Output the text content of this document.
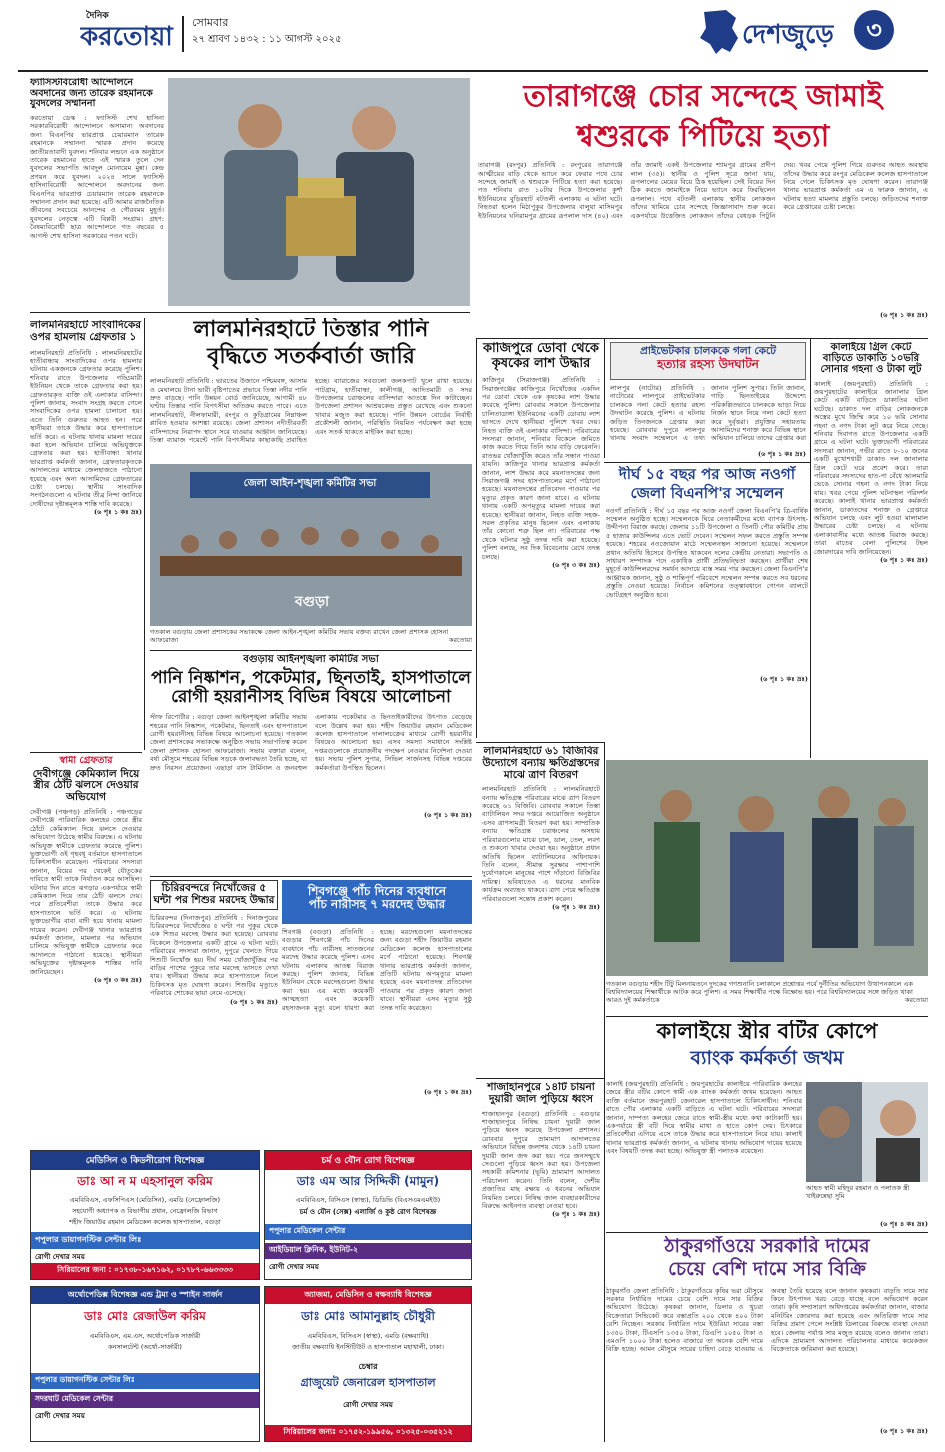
দৈনিক
করতোয়া	সোমবার
২৭ শ্রাবণ ১৪৩২ : ১১ আগস্ট ২০২৫	দেশজুড়ে	৩
ফ্যাসিস্টবিরোধী আন্দোলনে অবদানের জন্য তারেক রহমানকে যুবদলের সম্মাননা
করতোয়া ডেস্ক : ফ্যাসিস্ট শেখ হাসিনা সরকারবিরোধী আন্দোলনে অসামান্য অবদানের জন্য বিএনপির ভারপ্রাপ্ত চেয়ারম্যান তারেক রহমানকে সম্মাননা স্মারক প্রদান করেছে জাতীয়তাবাদী যুবদল। শনিবার লন্ডনে এক অনুষ্ঠানে তারেক রহমানের হাতে এই স্মারক তুলে দেন যুবদলের সভাপতি আবদুল মোনায়েম মুন্না। কেন্দ্র প্রণয়ন করে যুবদল। ২০২৪ সালে ফ্যাসিস্ট হাসিনাবিরোধী আন্দোলনে অবদানের জন্য বিএনপির ভারপ্রাপ্ত চেয়ারম্যান তারেক রহমানকে সম্মাননা প্রদান করা হয়েছে। এটি আমার রাজনৈতিক জীবনের সবচেয়ে আনন্দের ও গৌরবময় মুহূর্ত। যুবদলের নেতৃত্বে এটি বিপ্লবী সংগ্রাম। গ্রহণ: বৈষম্যবিরোধী ছাত্র আন্দোলনে গত বছরের ৫ আগস্ট শেখ হাসিনা সরকারের পতন ঘটে।
তারাগঞ্জে চোর সন্দেহে জামাই
শ্বশুরকে পিটিয়ে হত্যা
তারাগঞ্জ (রংপুর) প্রতিনিধি : রংপুরের তারাগঞ্জে আত্মীয়ের বাড়ি থেকে ভ্যানে করে ফেরার পথে চোর সন্দেহে জামাই ও শ্বশুরকে পিটিয়ে হত্যা করা হয়েছে। গত শনিবার রাত ১০টার দিকে উপজেলার কুর্শা ইউনিয়নের বুড়িরহাট বটতলী এলাকায় এ ঘটনা ঘটে। নিহতরা হলেন মিঠাপুকুর উপজেলার বালুয়া মাসিমপুর ইউনিয়নের ঘনিরামপুর গ্রামের রূপলাল দাস (৪০) এবং তাঁর জামাই একই উপজেলার শ্যামপুর গ্রামের প্রদীপ লাল (৩৫)। স্থানীয় ও পুলিশ সূত্রে জানা যায়, রূপলালের মেয়ের বিয়ে ঠিক হয়েছিল। সেই বিয়ের দিন ঠিক করতে জামাইকে নিয়ে ভ্যানে করে ফিরছিলেন রূপলাল। পথে বটতলী এলাকায় স্থানীয় লোকজন তাঁদের থামিয়ে চোর সন্দেহে জিজ্ঞাসাবাদ শুরু করে। একপর্যায়ে উত্তেজিত লোকজন তাঁদের বেধড়ক পিটুনি দেয়। খবর পেয়ে পুলিশ গিয়ে গুরুতর আহত অবস্থায় তাঁদের উদ্ধার করে রংপুর মেডিকেল কলেজ হাসপাতালে নিয়ে গেলে চিকিৎসক মৃত ঘোষণা করেন। তারাগঞ্জ থানার ভারপ্রাপ্ত কর্মকর্তা এম এ ফারুক জানান, এ ঘটনায় হত্যা মামলার প্রস্তুতি চলছে। জড়িতদের শনাক্ত করে গ্রেপ্তারের চেষ্টা চলছে।
(৬ পৃঃ ১ কঃ দ্রঃ)
লালমনিরহাটে সাংবাদিকের ওপর হামলায় গ্রেফতার ১
লালমনিরহাট প্রতিনিধি : লালমনিরহাটের হাতীবান্ধায় সাংবাদিকের ওপর হামলার ঘটনায় একজনকে গ্রেফতার করেছে পুলিশ। শনিবার রাতে উপজেলার গড্ডিমারী ইউনিয়ন থেকে তাকে গ্রেফতার করা হয়। গ্রেফতারকৃত ব্যক্তি ওই এলাকার বাসিন্দা। পুলিশ জানায়, সংবাদ সংগ্রহ করতে গেলে সাংবাদিকের ওপর হামলা চালানো হয়। এতে তিনি গুরুতর আহত হন। পরে স্থানীয়রা তাকে উদ্ধার করে হাসপাতালে ভর্তি করে। এ ঘটনায় থানায় মামলা দায়ের করা হলে অভিযান চালিয়ে অভিযুক্তকে গ্রেফতার করা হয়। হাতীবান্ধা থানার ভারপ্রাপ্ত কর্মকর্তা জানান, গ্রেফতারকৃতকে আদালতের মাধ্যমে জেলহাজতে পাঠানো হয়েছে এবং অন্য আসামিদের গ্রেফতারের চেষ্টা চলছে। স্থানীয় সাংবাদিক সংগঠনগুলো এ ঘটনার তীব্র নিন্দা জানিয়ে দোষীদের দৃষ্টান্তমূলক শাস্তি দাবি করেছে।
(৬ পৃঃ ১ কঃ দ্রঃ)
লালমনিরহাটে তিস্তার পানি
বৃদ্ধিতে সতর্কবার্তা জারি
লালমনিরহাট প্রতিনিধি : ভারতের উজানে পশ্চিমবঙ্গ, আসাম ও মেঘালয়ে টানা ভারী বৃষ্টিপাতের প্রভাবে তিস্তা নদীর পানি দ্রুত বাড়ছে। পানি উন্নয়ন বোর্ড জানিয়েছে, আগামী ৪৮ ঘণ্টায় তিস্তার পানি বিপৎসীমা অতিক্রম করতে পারে। এতে লালমনিরহাট, নীলফামারী, রংপুর ও কুড়িগ্রামের নিম্নাঞ্চল প্লাবিত হওয়ার আশঙ্কা রয়েছে। জেলা প্রশাসন নদীতীরবর্তী বাসিন্দাদের নিরাপদ স্থানে সরে যাওয়ার আহ্বান জানিয়েছে। তিস্তা ব্যারাজ পয়েন্টে পানি বিপৎসীমার কাছাকাছি প্রবাহিত হচ্ছে। ব্যারাজের সবগুলো জলকপাট খুলে রাখা হয়েছে। পাটগ্রাম, হাতীবান্ধা, কালীগঞ্জ, আদিতমারী ও সদর উপজেলার চরাঞ্চলের বাসিন্দারা আতঙ্কে দিন কাটাচ্ছেন। উপজেলা প্রশাসন আশ্রয়কেন্দ্র প্রস্তুত রেখেছে এবং শুকনো খাবার মজুত করা হয়েছে। পানি উন্নয়ন বোর্ডের নির্বাহী প্রকৌশলী জানান, পরিস্থিতি নিয়মিত পর্যবেক্ষণ করা হচ্ছে এবং সতর্ক থাকতে মাইকিং করা হচ্ছে।
জেলা আইন-শৃঙ্খলা কমিটির সভা
বগুড়া
গতকাল বগুড়ায় জেলা প্রশাসকের সভাকক্ষে জেলা আইন-শৃঙ্খলা কমিটির সভায় বক্তব্য রাখেন জেলা প্রশাসক হোসনা আফরোজা	করতোয়া
কাজিপুরে ডোবা থেকে কৃষকের লাশ উদ্ধার
কাজিপুর (সিরাজগঞ্জ) প্রতিনিধি : সিরাজগঞ্জের কাজিপুরে নিখোঁজের একদিন পর ডোবা থেকে এক কৃষকের লাশ উদ্ধার করেছে পুলিশ। রোববার সকালে উপজেলার চালিতাডাঙ্গা ইউনিয়নের একটি ডোবায় লাশ ভাসতে দেখে স্থানীয়রা পুলিশে খবর দেয়। নিহত ব্যক্তি ওই এলাকার বাসিন্দা। পরিবারের সদস্যরা জানান, শনিবার বিকেলে জমিতে কাজ করতে গিয়ে তিনি আর বাড়ি ফেরেননি। রাতভর খোঁজাখুঁজি করেও তাঁর সন্ধান পাওয়া যায়নি। কাজিপুর থানার ভারপ্রাপ্ত কর্মকর্তা জানান, লাশ উদ্ধার করে ময়নাতদন্তের জন্য সিরাজগঞ্জ সদর হাসপাতালের মর্গে পাঠানো হয়েছে। ময়নাতদন্তের প্রতিবেদন পাওয়ার পর মৃত্যুর প্রকৃত কারণ জানা যাবে। এ ঘটনায় থানায় একটি অপমৃত্যুর মামলা দায়ের করা হয়েছে। স্থানীয়রা জানান, নিহত ব্যক্তি সহজ-সরল প্রকৃতির মানুষ ছিলেন এবং এলাকায় তাঁর কোনো শত্রু ছিল না। পরিবারের পক্ষ থেকে ঘটনার সুষ্ঠু তদন্ত দাবি করা হয়েছে। পুলিশ বলছে, সব দিক বিবেচনায় রেখে তদন্ত চলছে।
(৬ পৃঃ ৩ কঃ দ্রঃ)
প্রাইভেটকার চালককে গলা কেটে
হত্যার রহস্য উদঘাটন
লালপুর (নাটোর) প্রতিনিধি : নাটোরের লালপুরে প্রাইভেটকার চালককে গলা কেটে হত্যার রহস্য উদঘাটন করেছে পুলিশ। এ ঘটনায় জড়িত তিনজনকে গ্রেপ্তার করা হয়েছে। রোববার দুপুরে লালপুর থানায় সংবাদ সম্মেলনে এ তথ্য জানান পুলিশ সুপার। তিনি জানান, গাড়ি ছিনতাইয়ের উদ্দেশ্যে পরিকল্পিতভাবে চালককে ভাড়া নিয়ে নির্জন স্থানে নিয়ে গলা কেটে হত্যা করে দুর্বৃত্তরা। প্রযুক্তির সহায়তায় আসামিদের শনাক্ত করে বিভিন্ন স্থানে অভিযান চালিয়ে তাদের গ্রেপ্তার করা
(৬ পৃঃ ১ কঃ দ্রঃ)
কালাইয়ে গ্রিল কেটে
বাড়িতে ডাকাতি ১০ভরি
সোনার গহনা ও টাকা লুট
কালাই (জয়পুরহাট) প্রতিনিধি : জয়পুরহাটের কালাইয়ে জানালার গ্রিল কেটে একটি বাড়িতে ডাকাতির ঘটনা ঘটেছে। ডাকাত দল বাড়ির লোকজনকে অস্ত্রের মুখে জিম্মি করে ১০ ভরি সোনার গহনা ও নগদ টাকা লুট করে নিয়ে গেছে। শনিবার দিবাগত রাতে উপজেলার একটি গ্রামে এ ঘটনা ঘটে। ভুক্তভোগী পরিবারের সদস্যরা জানান, গভীর রাতে ৮-১০ জনের একটি মুখোশধারী ডাকাত দল জানালার গ্রিল কেটে ঘরে প্রবেশ করে। তারা পরিবারের সদস্যদের হাত-পা বেঁধে আলমারি ভেঙে সোনার গহনা ও নগদ টাকা নিয়ে যায়। খবর পেয়ে পুলিশ ঘটনাস্থল পরিদর্শন করেছে। কালাই থানার ভারপ্রাপ্ত কর্মকর্তা জানান, ডাকাতদের শনাক্ত ও গ্রেপ্তারে অভিযান চলছে এবং লুট হওয়া মালামাল উদ্ধারের চেষ্টা চলছে। এ ঘটনায় এলাকাবাসীর মধ্যে আতঙ্ক বিরাজ করছে। তারা রাতের বেলা পুলিশের টহল জোরদারের দাবি জানিয়েছেন।
(৬ পৃঃ ১ কঃ দ্রঃ)
দীর্ঘ ১৫ বছর পর আজ নওগাঁ
জেলা বিএনপি'র সম্মেলন
নওগাঁ প্রতিনিধি : দীর্ঘ ১৫ বছর পর আজ নওগাঁ জেলা বিএনপি'র ত্রি-বার্ষিক সম্মেলন অনুষ্ঠিত হচ্ছে। সম্মেলনকে ঘিরে নেতাকর্মীদের মধ্যে ব্যাপক উৎসাহ-উদ্দীপনা বিরাজ করছে। জেলার ১১টি উপজেলা ও তিনটি পৌর কমিটির প্রায় ৫ হাজার কাউন্সিলর এতে ভোট দেবেন। সম্মেলন সফল করতে প্রস্তুতি সম্পন্ন হয়েছে। শহরের নওজোয়ান মাঠে সম্মেলনস্থল সাজানো হয়েছে। সম্মেলনে প্রধান অতিথি হিসেবে উপস্থিত থাকবেন দলের কেন্দ্রীয় নেতারা। সভাপতি ও সাধারণ সম্পাদক পদে একাধিক প্রার্থী প্রতিদ্বন্দ্বিতা করছেন। প্রার্থীরা শেষ মুহূর্তে কাউন্সিলরদের সমর্থন আদায়ে ব্যস্ত সময় পার করছেন। জেলা বিএনপি'র আহ্বায়ক জানান, সুষ্ঠু ও শান্তিপূর্ণ পরিবেশে সম্মেলন সম্পন্ন করতে সব ধরনের প্রস্তুতি নেওয়া হয়েছে। নির্বাচন কমিশনের তত্ত্বাবধানে গোপন ব্যালটে ভোটগ্রহণ অনুষ্ঠিত হবে।
(৬ পৃঃ ১ কঃ দ্রঃ)
স্বামী গ্রেফতার
দেবীগঞ্জে কেমিক্যাল দিয়ে স্ত্রীর ঠোঁট ঝলসে দেওয়ার অভিযোগ
দেবীগঞ্জ (পঞ্চগড়) প্রতিনিধি : পঞ্চগড়ের দেবীগঞ্জে পারিবারিক কলহের জেরে স্ত্রীর ঠোঁটে কেমিক্যাল দিয়ে ঝলসে দেওয়ার অভিযোগ উঠেছে স্বামীর বিরুদ্ধে। এ ঘটনায় অভিযুক্ত স্বামীকে গ্রেফতার করেছে পুলিশ। ভুক্তভোগী ওই গৃহবধূ বর্তমানে হাসপাতালে চিকিৎসাধীন রয়েছেন। পরিবারের সদস্যরা জানান, বিয়ের পর থেকেই যৌতুকের দাবিতে স্বামী তাকে নির্যাতন করে আসছিল। ঘটনার দিন রাতে ঝগড়ার একপর্যায়ে স্বামী কেমিক্যাল দিয়ে তার ঠোঁট ঝলসে দেয়। পরে প্রতিবেশীরা তাকে উদ্ধার করে হাসপাতালে ভর্তি করে। এ ঘটনায় ভুক্তভোগীর বাবা বাদী হয়ে থানায় মামলা দায়ের করেন। দেবীগঞ্জ থানার ভারপ্রাপ্ত কর্মকর্তা জানান, মামলার পর অভিযান চালিয়ে অভিযুক্ত স্বামীকে গ্রেফতার করে আদালতে পাঠানো হয়েছে। স্থানীয়রা অভিযুক্তের দৃষ্টান্তমূলক শাস্তির দাবি জানিয়েছেন।
(৬ পৃঃ ৩ কঃ দ্রঃ)
বগুড়ায় আইনশৃঙ্খলা কমিটির সভা
পানি নিষ্কাশন, পকেটমার, ছিনতাই, হাসপাতালে
রোগী হয়রানীসহ বিভিন্ন বিষয়ে আলোচনা
স্টাফ রিপোর্টার : বগুড়া জেলা আইনশৃঙ্খলা কমিটির সভায় শহরের পানি নিষ্কাশন, পকেটমার, ছিনতাই এবং হাসপাতালে রোগী হয়রানীসহ বিভিন্ন বিষয়ে আলোচনা হয়েছে। গতকাল জেলা প্রশাসকের সভাকক্ষে অনুষ্ঠিত সভায় সভাপতিত্ব করেন জেলা প্রশাসক হোসনা আফরোজা। সভায় বক্তারা বলেন, বর্ষা মৌসুমে শহরের বিভিন্ন সড়কে জলাবদ্ধতা তৈরি হচ্ছে, যা দ্রুত নিরসন প্রয়োজন। এছাড়া বাস টার্মিনাল ও জনবহুল এলাকায় পকেটমার ও ছিনতাইকারীদের উৎপাত বেড়েছে বলে উল্লেখ করা হয়। শহীদ জিয়াউর রহমান মেডিকেল কলেজ হাসপাতালে দালালচক্রের মাধ্যমে রোগী হয়রানীর বিষয়েও আলোচনা হয়। এসব সমস্যা সমাধানে সংশ্লিষ্ট দপ্তরগুলোকে প্রয়োজনীয় পদক্ষেপ নেওয়ার নির্দেশনা দেওয়া হয়। সভায় পুলিশ সুপার, সিভিল সার্জনসহ বিভিন্ন দপ্তরের কর্মকর্তারা উপস্থিত ছিলেন।
(৬ পৃঃ ১ কঃ দ্রঃ)
লালমনিরহাটে ৬১ বিজিবির উদ্যোগে বন্যায় ক্ষতিগ্রস্তদের মাঝে ত্রাণ বিতরণ
লালমনিরহাট প্রতিনিধি : লালমনিরহাটে বন্যায় ক্ষতিগ্রস্ত পরিবারের মাঝে ত্রাণ বিতরণ করেছে ৬১ বিজিবি। রোববার সকালে তিস্তা ব্যাটালিয়ন সদর দপ্তরে আয়োজিত অনুষ্ঠানে এসব ত্রাণসামগ্রী বিতরণ করা হয়। সাম্প্রতিক বন্যায় ক্ষতিগ্রস্ত চরাঞ্চলের অসহায় পরিবারগুলোর মাঝে চাল, ডাল, তেল, লবণ ও শুকনো খাবার দেওয়া হয়। অনুষ্ঠানে প্রধান অতিথি ছিলেন ব্যাটালিয়নের অধিনায়ক। তিনি বলেন, সীমান্ত সুরক্ষার পাশাপাশি দুর্যোগকালে মানুষের পাশে দাঁড়ানো বিজিবির দায়িত্ব। ভবিষ্যতেও এ ধরনের মানবিক কার্যক্রম অব্যাহত থাকবে। ত্রাণ পেয়ে ক্ষতিগ্রস্ত পরিবারগুলো সন্তোষ প্রকাশ করেন।
(৬ পৃঃ ১ কঃ দ্রঃ)
গতকাল বগুড়ায় শহীদ টিটু মিলনায়তনে দুদকের গণশুনানি চলাকালে প্রশ্নোত্তর পর্বে দুর্নীতির অভিযোগ উত্থাপনকালে এক বিশ্ববিদ্যালয়ের শিক্ষার্থীকে আটক করে পুলিশ। এ সময় শিক্ষার্থীর পক্ষে বিক্ষোভ হয়। পরে বিশ্ববিদ্যালয়ের সঙ্গে জড়িত থাকা আরও দুই কর্মকর্তাকে	করতোয়া
চিরিরবন্দরে নিখোঁজের ৫ ঘন্টা পর শিশুর মরদেহ উদ্ধার
চিরিরবন্দর (দিনাজপুর) প্রতিনিধি : দিনাজপুরের চিরিরবন্দরে নিখোঁজের ৫ ঘণ্টা পর পুকুর থেকে এক শিশুর মরদেহ উদ্ধার করা হয়েছে। রোববার বিকেলে উপজেলার একটি গ্রামে এ ঘটনা ঘটে। পরিবারের সদস্যরা জানান, দুপুরে খেলতে গিয়ে শিশুটি নিখোঁজ হয়। দীর্ঘ সময় খোঁজাখুঁজির পর বাড়ির পাশের পুকুরে তার মরদেহ ভাসতে দেখা যায়। স্থানীয়রা উদ্ধার করে হাসপাতালে নিলে চিকিৎসক মৃত ঘোষণা করেন। শিশুটির মৃত্যুতে পরিবারে শোকের ছায়া নেমে এসেছে।
(৬ পৃঃ ১ কঃ দ্রঃ)
শিবগঞ্জে পাঁচ দিনের ব্যবধানে
পাঁচ নারীসহ ৭ মরদেহ উদ্ধার
শিবগঞ্জ (বগুড়া) প্রতিনিধি : বগুড়ার শিবগঞ্জে পাঁচ দিনের ব্যবধানে পাঁচ নারীসহ সাতজনের মরদেহ উদ্ধার করেছে পুলিশ। এসব ঘটনায় এলাকায় আতঙ্ক বিরাজ করছে। পুলিশ জানায়, বিভিন্ন ইউনিয়ন থেকে মরদেহগুলো উদ্ধার করা হয়। এর মধ্যে কয়েকটি আত্মহত্যা এবং কয়েকটি রহস্যজনক মৃত্যু বলে ধারণা করা হচ্ছে। মরদেহগুলো ময়নাতদন্তের জন্য বগুড়া শহীদ জিয়াউর রহমান মেডিকেল কলেজ হাসপাতালের মর্গে পাঠানো হয়েছে। শিবগঞ্জ থানার ভারপ্রাপ্ত কর্মকর্তা জানান, প্রতিটি ঘটনায় অপমৃত্যুর মামলা হয়েছে এবং ময়নাতদন্ত প্রতিবেদন পাওয়ার পর প্রকৃত কারণ জানা যাবে। স্থানীয়রা এসব মৃত্যুর সুষ্ঠু তদন্ত দাবি করেছেন।
(৬ পৃঃ ১ কঃ দ্রঃ)	শাজাহানপুরে ১৪টি চায়না দুয়ারী জাল পুড়িয়ে ধ্বংস
শাজাহানপুর (বগুড়া) প্রতিনিধি : বগুড়ার শাজাহানপুরে নিষিদ্ধ চায়না দুয়ারী জাল পুড়িয়ে ধ্বংস করেছে উপজেলা প্রশাসন। রোববার দুপুরে ভ্রাম্যমাণ আদালতের অভিযানে বিভিন্ন জলাশয় থেকে ১৪টি চায়না দুয়ারী জাল জব্দ করা হয়। পরে জনসম্মুখে সেগুলো পুড়িয়ে ধ্বংস করা হয়। উপজেলা সহকারী কমিশনার (ভূমি) ভ্রাম্যমাণ আদালত পরিচালনা করেন। তিনি বলেন, দেশীয় প্রজাতির মাছ রক্ষায় এ ধরনের অভিযান নিয়মিত চলবে। নিষিদ্ধ জাল ব্যবহারকারীদের বিরুদ্ধে আইনগত ব্যবস্থা নেওয়া হবে।
(৬ পৃঃ ১ কঃ দ্রঃ)
কালাইয়ে স্ত্রীর বটির কোপে
ব্যাংক কর্মকর্তা জখম
কালাই (জয়পুরহাট) প্রতিনিধি : জয়পুরহাটের কালাইয়ে পারিবারিক কলহের জেরে স্ত্রীর বটির কোপে স্বামী এক ব্যাংক কর্মকর্তা জখম হয়েছেন। আহত ব্যক্তি বর্তমানে জয়পুরহাট জেনারেল হাসপাতালে চিকিৎসাধীন। শনিবার রাতে পৌর এলাকার একটি বাড়িতে এ ঘটনা ঘটে। পরিবারের সদস্যরা জানান, দাম্পত্য কলহের জেরে রাতে স্বামী-স্ত্রীর মধ্যে কথা কাটাকাটি হয়। একপর্যায়ে স্ত্রী বটি দিয়ে স্বামীর মাথা ও হাতে কোপ দেয়। চিৎকারে প্রতিবেশীরা এগিয়ে এসে তাকে উদ্ধার করে হাসপাতালে নিয়ে যায়। কালাই থানার ভারপ্রাপ্ত কর্মকর্তা জানান, এ ঘটনায় থানায় অভিযোগ দায়ের হয়েছে এবং বিষয়টি তদন্ত করা হচ্ছে। অভিযুক্ত স্ত্রী পলাতক রয়েছেন।
আহত স্বামী মহিদুর রহমান ও পলাতক স্ত্রী খাইরুন্নেছা সুমি
(৬ পৃঃ ৪ কঃ দ্রঃ)
ঠাকুরগাঁওয়ে সরকারি দামের
চেয়ে বেশি দামে সার বিক্রি
ঠাকুরগাঁও জেলা প্রতিনিধি : ঠাকুরগাঁওয়ে কৃষির ভরা মৌসুমে সরকার নির্ধারিত দামের চেয়ে বেশি দামে সার বিক্রির অভিযোগ উঠেছে। কৃষকরা জানান, ডিলার ও খুচরা বিক্রেতারা সিন্ডিকেট করে বস্তাপ্রতি ২০০ থেকে ৪০০ টাকা বেশি নিচ্ছেন। সরকার নির্ধারিত দামে ইউরিয়া সারের বস্তা ১৩৫০ টাকা, টিএসপি ১৩৫০ টাকা, ডিএপি ১০৫০ টাকা ও এমওপি ১০০০ টাকা হলেও বাজারে তা অনেক বেশি দামে বিক্রি হচ্ছে। আমন মৌসুমে সারের চাহিদা বেড়ে যাওয়ায় এ অবস্থা তৈরি হয়েছে বলে জানান কৃষকরা। বাড়তি দামে সার কিনে উৎপাদন খরচ বেড়ে যাচ্ছে বলে অভিযোগ করেন তারা। কৃষি সম্প্রসারণ অধিদপ্তরের কর্মকর্তারা জানান, বাজার মনিটরিং জোরদার করা হয়েছে এবং অতিরিক্ত দামে সার বিক্রির প্রমাণ পেলে সংশ্লিষ্ট ডিলারের বিরুদ্ধে ব্যবস্থা নেওয়া হবে। জেলায় পর্যাপ্ত সার মজুত রয়েছে বলেও জানান তারা। এদিকে ভ্রাম্যমাণ আদালত পরিচালনার মাধ্যমে কয়েকজন বিক্রেতাকে জরিমানা করা হয়েছে।
(৬ পৃঃ ১ কঃ দ্রঃ)
মেডিসিন ও কিডনীরোগ বিশেষজ্ঞ
ডাঃ আ ন ম এহসানুল করিম
এমবিবিএস, এফসিপিএস (মেডিসিন), এমডি (নেফ্রোলজি)
সহযোগী অধ্যাপক ও বিভাগীয় প্রধান, নেফ্রোলজি বিভাগ
শহীদ জিয়াউর রহমান মেডিকেল কলেজ হাসপাতাল, বগুড়া
পপুলার ডায়াগনস্টিক সেন্টার লিঃ
রোগী দেখার সময়
সিরিয়ালের জন্য : ০১৭৩৮-১৬৭১৬২, ০১৭৮৭-৬৬৩৩৩৩
চর্ম ও যৌন রোগ বিশেষজ্ঞ
ডাঃ এম আর সিদ্দিকী (মামুন)
এমবিবিএস, বিসিএস (স্বাস্থ্য), ডিডিভি (বিএসএমএমইউ)
চর্ম ও যৌন (সেক্স) এলার্জি ও কুষ্ঠ রোগ বিশেষজ্ঞ
পপুলার মেডিকেল সেন্টার
আইডিয়াল ক্লিনিক, ইউনিট-২
রোগী দেখার সময়
অর্থোপেডিক্স বিশেষজ্ঞ এন্ড ট্রমা ও স্পাইন সার্জন
ডাঃ মোঃ রেজাউল করিম
এমবিবিএস, এম.এস, অর্থোপেডিক সার্জারী
কনসালটেন্ট (অর্থো-সার্জারী)
পপুলার ডায়াগনস্টিক সেন্টার লিঃ
সদরঘাট মেডিকেল সেন্টার
রোগী দেখার সময়
অ্যাজমা, মেডিসিন ও বক্ষব্যাধি বিশেষজ্ঞ
ডাঃ মোঃ আমানুল্লাহ চৌধুরী
এমবিবিএস, বিসিএস (স্বাস্থ্য), এমডি (বক্ষব্যাধি)
জাতীয় বক্ষব্যাধি ইনস্টিটিউট ও হাসপাতাল মহাখালী, ঢাকা।
চেম্বার
গ্রাজুয়েট জেনারেল হাসপাতাল
রোগী দেখার সময়
সিরিয়ালের জন্যঃ ০১৭৫২-১৯৯৫৬, ০১৩২৫-০৩৫২১২
